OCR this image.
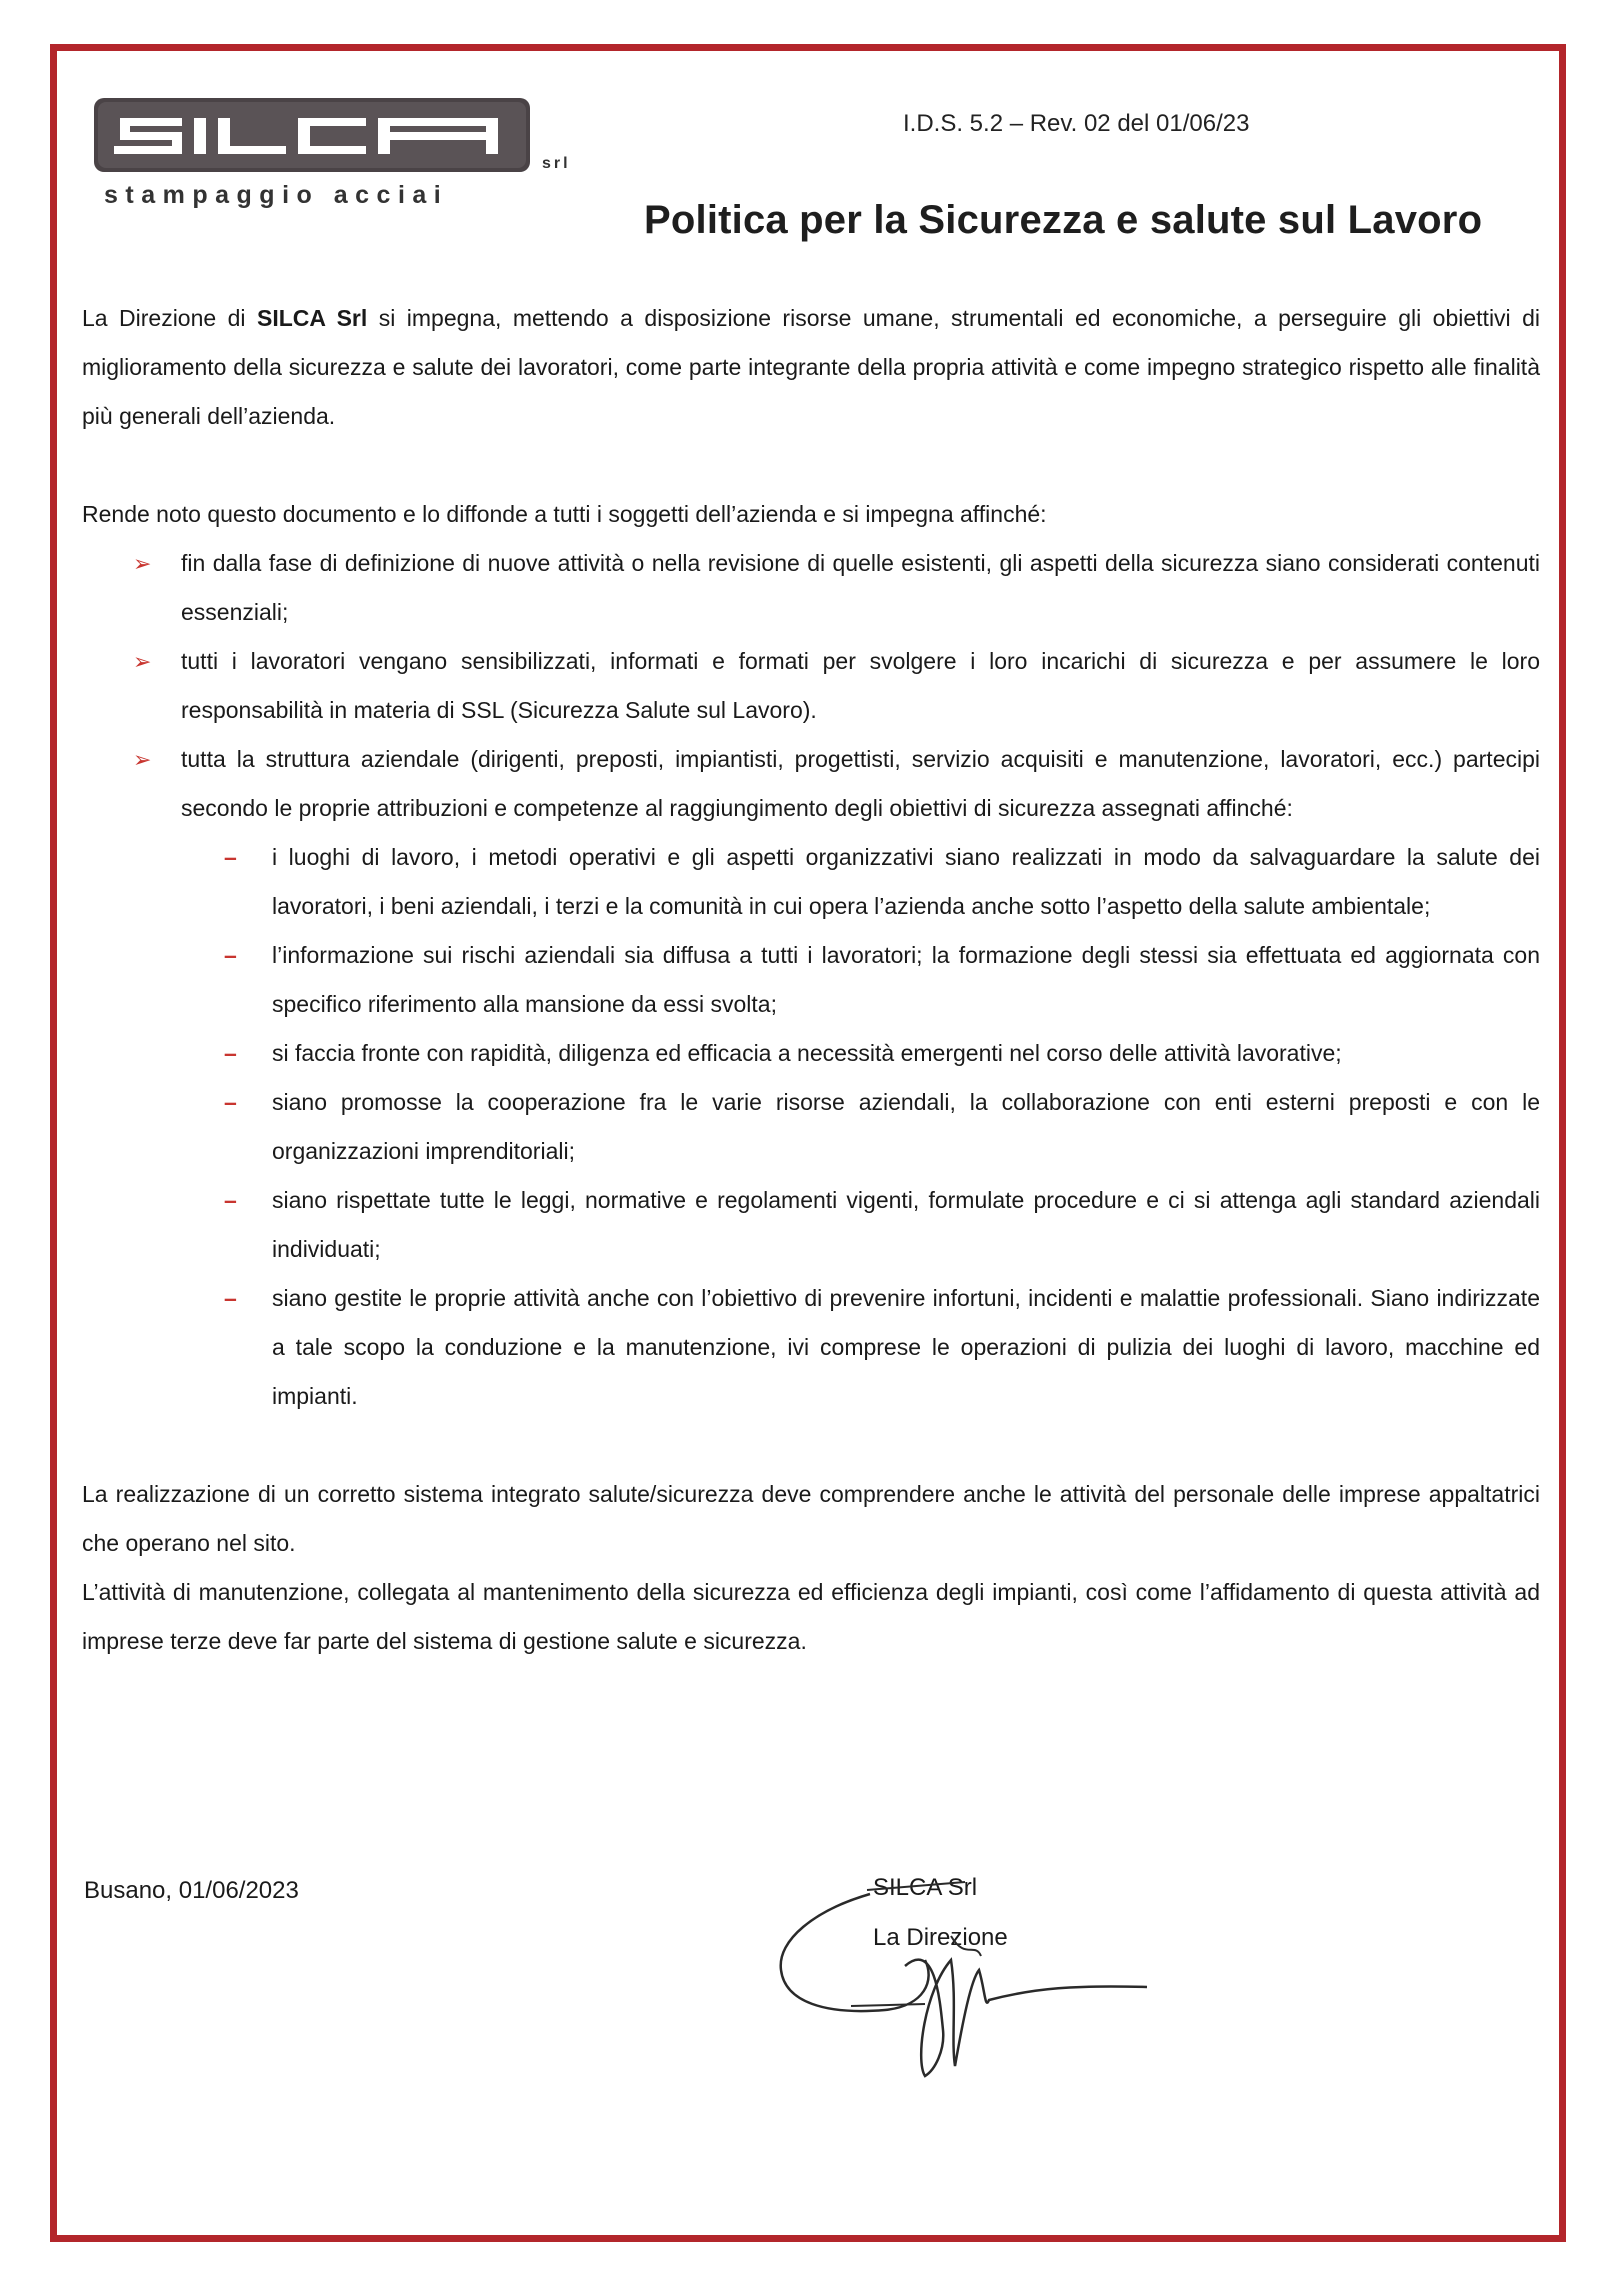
srl
stampaggio acciai
I.D.S. 5.2 – Rev. 02 del 01/06/23
Politica per la Sicurezza e salute sul Lavoro

La Direzione di SILCA Srl si impegna, mettendo a disposizione risorse umane, strumentali ed economiche, a perseguire gli obiettivi di miglioramento della sicurezza e salute dei lavoratori, come parte integrante della propria attività e come impegno strategico rispetto alle finalità più generali dell’azienda.

Rende noto questo documento e lo diffonde a tutti i soggetti dell’azienda e si impegna affinché:

➢ fin dalla fase di definizione di nuove attività o nella revisione di quelle esistenti, gli aspetti della sicurezza siano considerati contenuti essenziali;
➢ tutti i lavoratori vengano sensibilizzati, informati e formati per svolgere i loro incarichi di sicurezza e per assumere le loro responsabilità in materia di SSL (Sicurezza Salute sul Lavoro).
➢ tutta la struttura aziendale (dirigenti, preposti, impiantisti, progettisti, servizio acquisiti e manutenzione, lavoratori, ecc.) partecipi secondo le proprie attribuzioni e competenze al raggiungimento degli obiettivi di sicurezza assegnati affinché:
– i luoghi di lavoro, i metodi operativi e gli aspetti organizzativi siano realizzati in modo da salvaguardare la salute dei lavoratori, i beni aziendali, i terzi e la comunità in cui opera l’azienda anche sotto l’aspetto della salute ambientale;
– l’informazione sui rischi aziendali sia diffusa a tutti i lavoratori; la formazione degli stessi sia effettuata ed aggiornata con specifico riferimento alla mansione da essi svolta;
– si faccia fronte con rapidità, diligenza ed efficacia a necessità emergenti nel corso delle attività lavorative;
– siano promosse la cooperazione fra le varie risorse aziendali, la collaborazione con enti esterni preposti e con le organizzazioni imprenditoriali;
– siano rispettate tutte le leggi, normative e regolamenti vigenti, formulate procedure e ci si attenga agli standard aziendali individuati;
– siano gestite le proprie attività anche con l’obiettivo di prevenire infortuni, incidenti e malattie professionali. Siano indirizzate a tale scopo la conduzione e la manutenzione, ivi comprese le operazioni di pulizia dei luoghi di lavoro, macchine ed impianti.

La realizzazione di un corretto sistema integrato salute/sicurezza deve comprendere anche le attività del personale delle imprese appaltatrici che operano nel sito.

L’attività di manutenzione, collegata al mantenimento della sicurezza ed efficienza degli impianti, così come l’affidamento di questa attività ad imprese terze deve far parte del sistema di gestione salute e sicurezza.

Busano, 01/06/2023	SILCA Srl
La Direzione
